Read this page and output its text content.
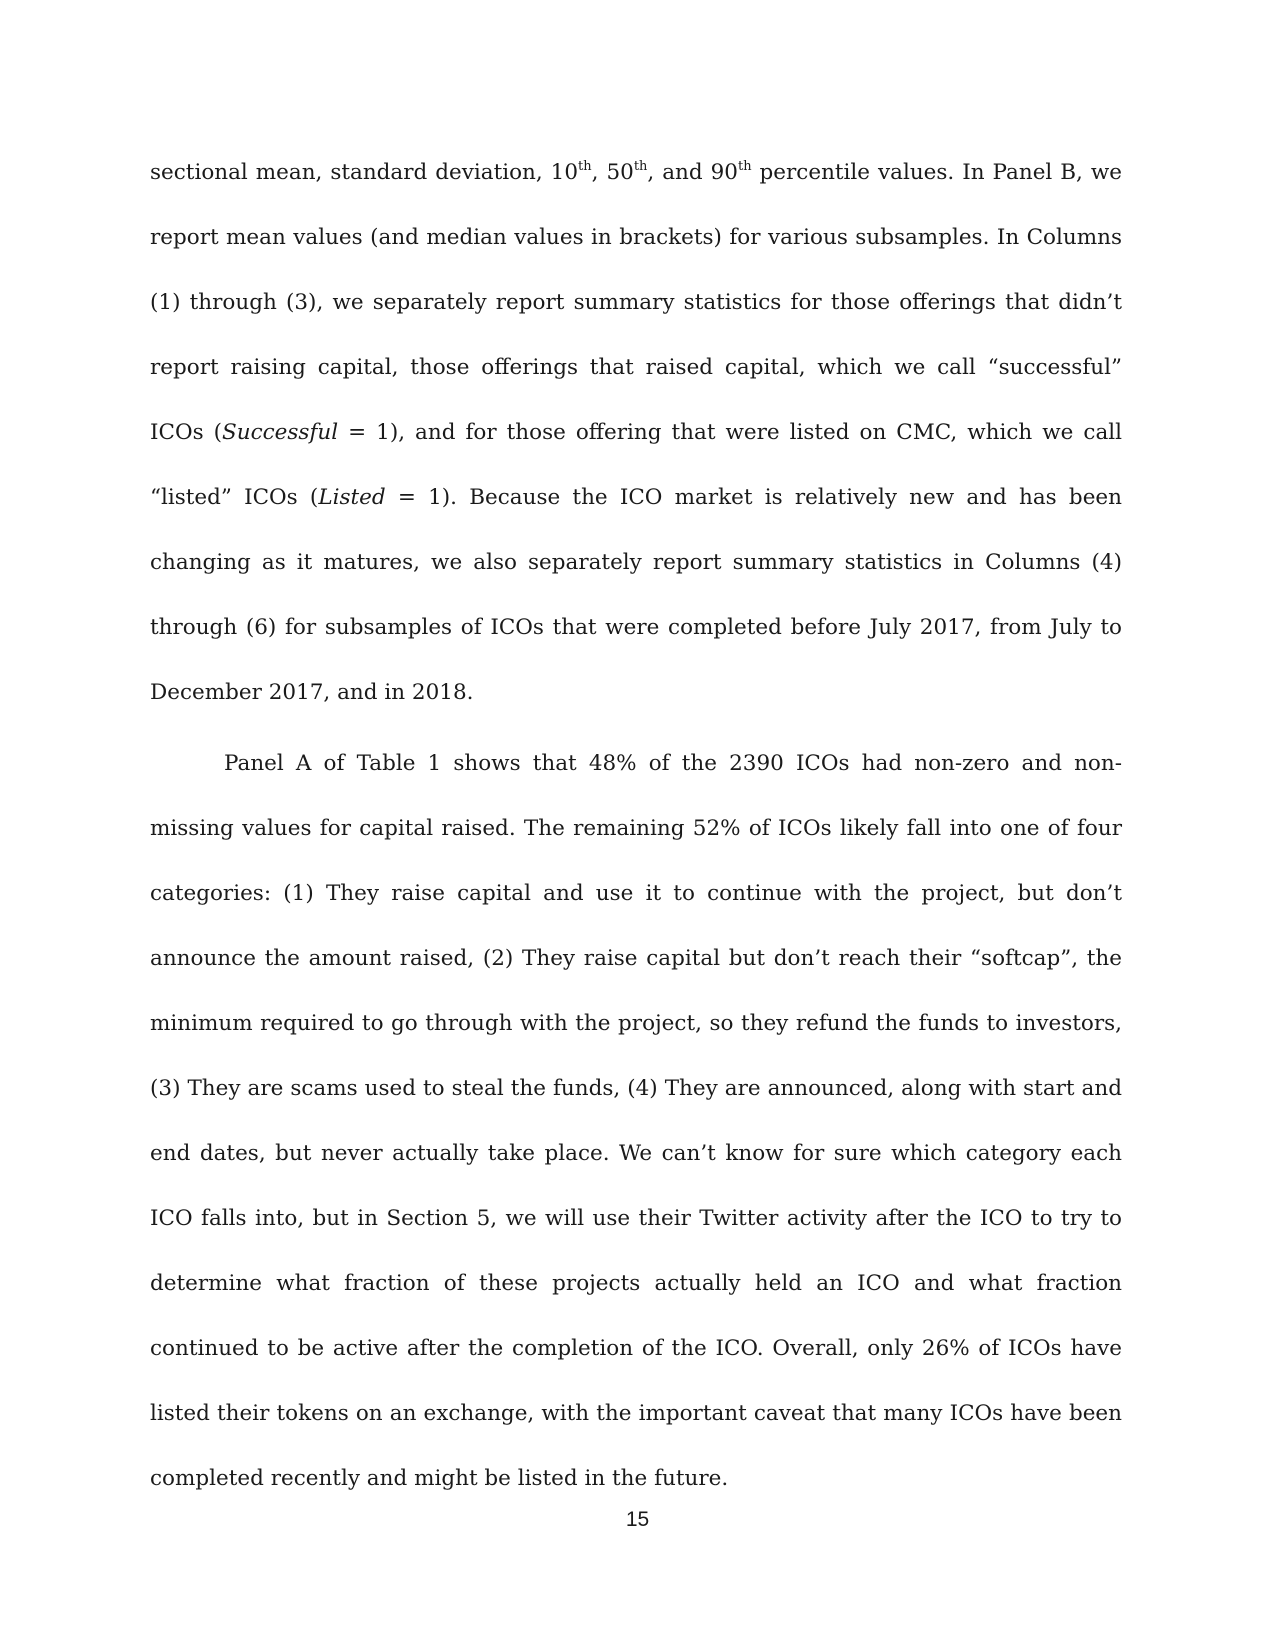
sectional mean, standard deviation, 10th, 50th, and 90th percentile values. In Panel B, we report mean values (and median values in brackets) for various subsamples. In Columns (1) through (3), we separately report summary statistics for those offerings that didn’t report raising capital, those offerings that raised capital, which we call “successful” ICOs (Successful = 1), and for those offering that were listed on CMC, which we call “listed” ICOs (Listed = 1). Because the ICO market is relatively new and has been changing as it matures, we also separately report summary statistics in Columns (4) through (6) for subsamples of ICOs that were completed before July 2017, from July to December 2017, and in 2018.

Panel A of Table 1 shows that 48% of the 2390 ICOs had non-zero and non-missing values for capital raised. The remaining 52% of ICOs likely fall into one of four categories: (1) They raise capital and use it to continue with the project, but don’t announce the amount raised, (2) They raise capital but don’t reach their “softcap”, the minimum required to go through with the project, so they refund the funds to investors, (3) They are scams used to steal the funds, (4) They are announced, along with start and end dates, but never actually take place. We can’t know for sure which category each ICO falls into, but in Section 5, we will use their Twitter activity after the ICO to try to determine what fraction of these projects actually held an ICO and what fraction continued to be active after the completion of the ICO. Overall, only 26% of ICOs have listed their tokens on an exchange, with the important caveat that many ICOs have been completed recently and might be listed in the future.

15
